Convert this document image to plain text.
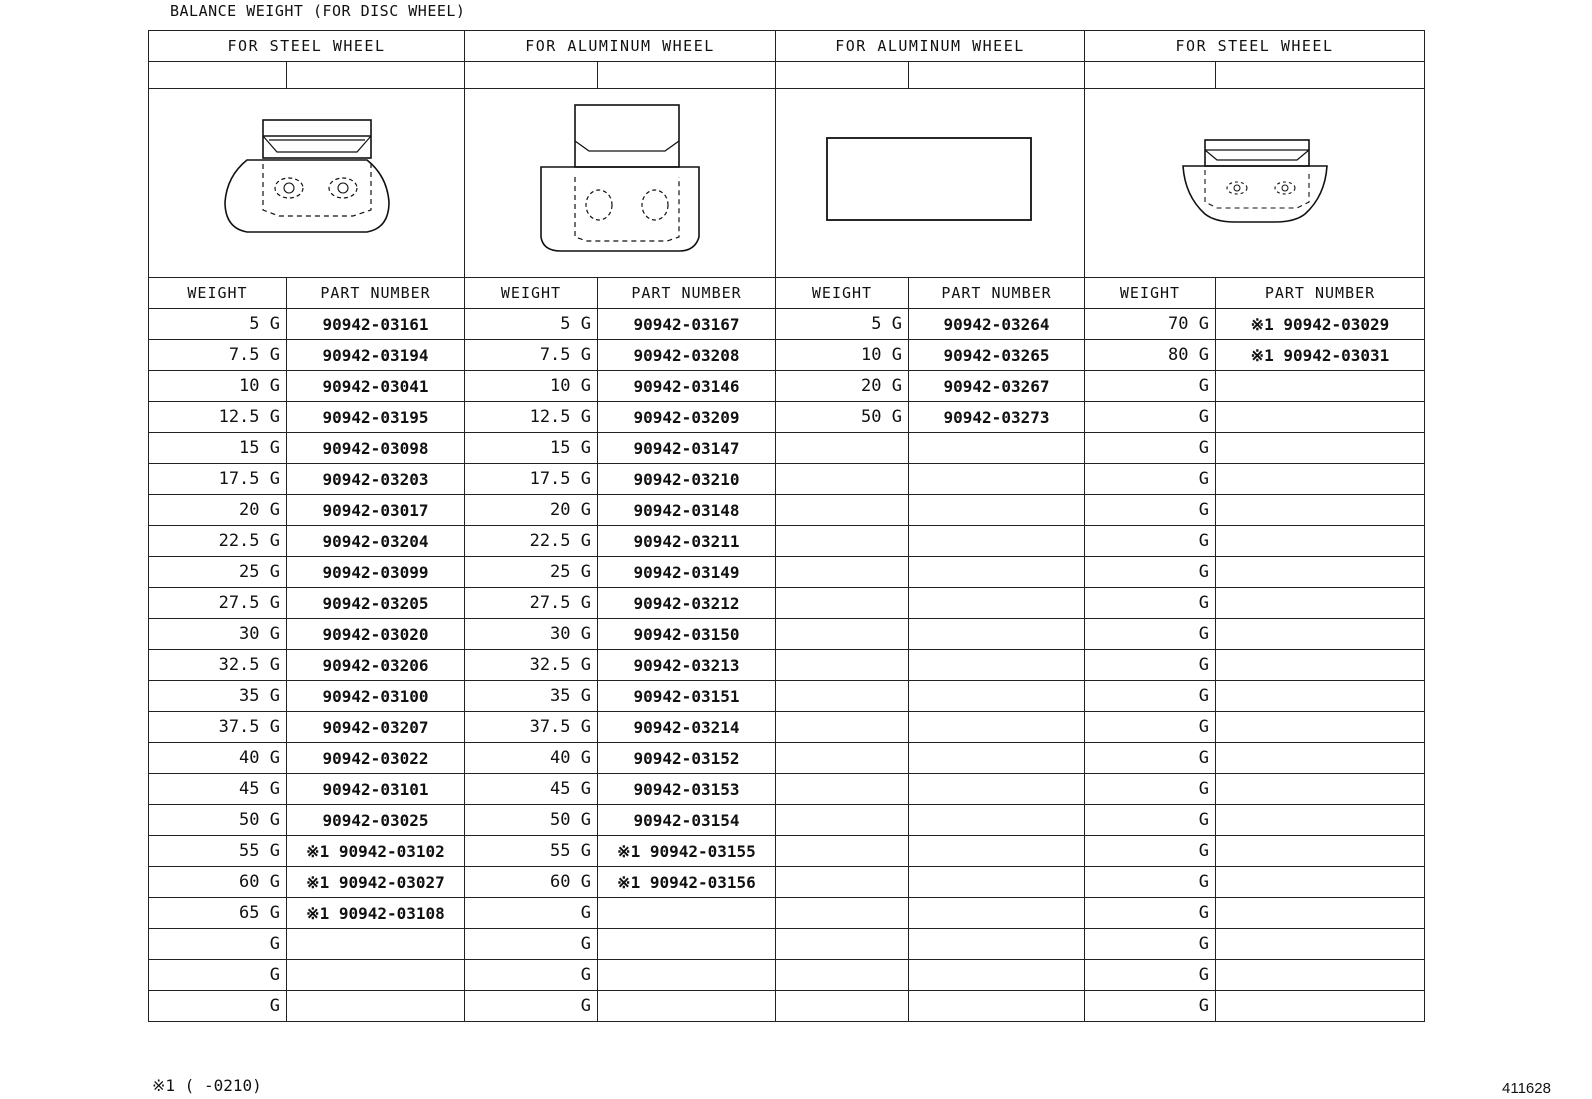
BALANCE WEIGHT (FOR DISC WHEEL)
FOR STEEL WHEEL		FOR ALUMINUM WHEEL		FOR ALUMINUM WHEEL		FOR STEEL WHEEL	

WEIGHT	PART NUMBER	WEIGHT	PART NUMBER	WEIGHT	PART NUMBER	WEIGHT	PART NUMBER
5 G	90942-03161	5 G	90942-03167	5 G	90942-03264	70 G	※1 90942-03029
7.5 G	90942-03194	7.5 G	90942-03208	10 G	90942-03265	80 G	※1 90942-03031
10 G	90942-03041	10 G	90942-03146	20 G	90942-03267	G	
12.5 G	90942-03195	12.5 G	90942-03209	50 G	90942-03273	G	
15 G	90942-03098	15 G	90942-03147			G	
17.5 G	90942-03203	17.5 G	90942-03210			G	
20 G	90942-03017	20 G	90942-03148			G	
22.5 G	90942-03204	22.5 G	90942-03211			G	
25 G	90942-03099	25 G	90942-03149			G	
27.5 G	90942-03205	27.5 G	90942-03212			G	
30 G	90942-03020	30 G	90942-03150			G	
32.5 G	90942-03206	32.5 G	90942-03213			G	
35 G	90942-03100	35 G	90942-03151			G	
37.5 G	90942-03207	37.5 G	90942-03214			G	
40 G	90942-03022	40 G	90942-03152			G	
45 G	90942-03101	45 G	90942-03153			G	
50 G	90942-03025	50 G	90942-03154			G	
55 G	※1 90942-03102	55 G	※1 90942-03155			G	
60 G	※1 90942-03027	60 G	※1 90942-03156			G	
65 G	※1 90942-03108	G				G	
G		G				G	
G		G				G	
G		G				G	
※1 ( -0210)	411628
